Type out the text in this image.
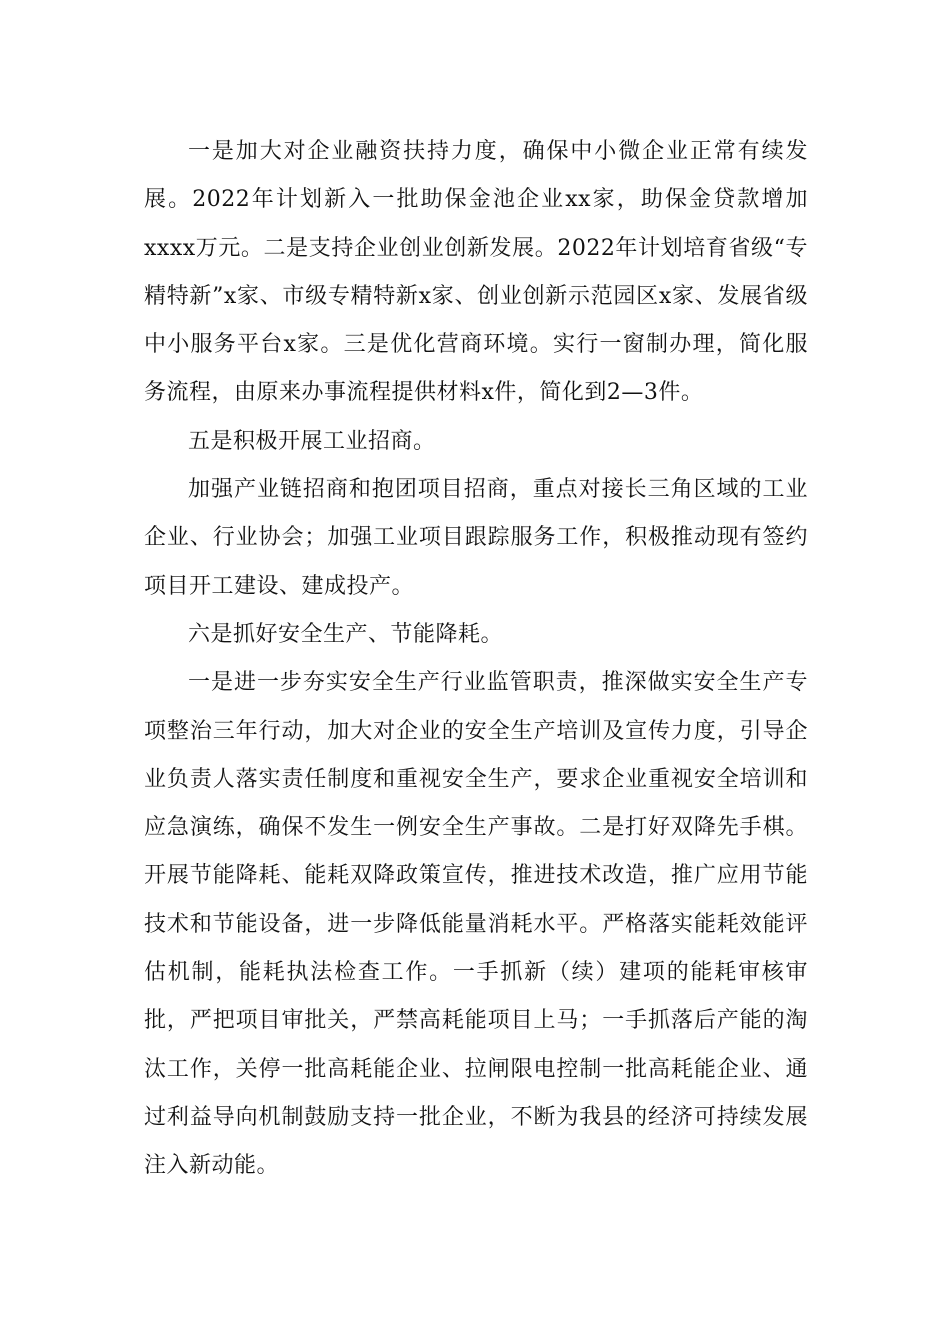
一是加大对企业融资扶持力度，确保中小微企业正常有续发展。2022年计划新入一批助保金池企业xx家，助保金贷款增加xxxx万元。二是支持企业创业创新发展。2022年计划培育省级“专精特新”x家、市级专精特新x家、创业创新示范园区x家、发展省级中小服务平台x家。三是优化营商环境。实行一窗制办理，简化服务流程，由原来办事流程提供材料x件，简化到2—3件。

五是积极开展工业招商。

加强产业链招商和抱团项目招商，重点对接长三角区域的工业企业、行业协会；加强工业项目跟踪服务工作，积极推动现有签约项目开工建设、建成投产。

六是抓好安全生产、节能降耗。

一是进一步夯实安全生产行业监管职责，推深做实安全生产专项整治三年行动，加大对企业的安全生产培训及宣传力度，引导企业负责人落实责任制度和重视安全生产，要求企业重视安全培训和应急演练，确保不发生一例安全生产事故。二是打好双降先手棋。开展节能降耗、能耗双降政策宣传，推进技术改造，推广应用节能技术和节能设备，进一步降低能量消耗水平。严格落实能耗效能评估机制，能耗执法检查工作。一手抓新（续）建项的能耗审核审批，严把项目审批关，严禁高耗能项目上马；一手抓落后产能的淘汰工作，关停一批高耗能企业、拉闸限电控制一批高耗能企业、通过利益导向机制鼓励支持一批企业，不断为我县的经济可持续发展注入新动能。
